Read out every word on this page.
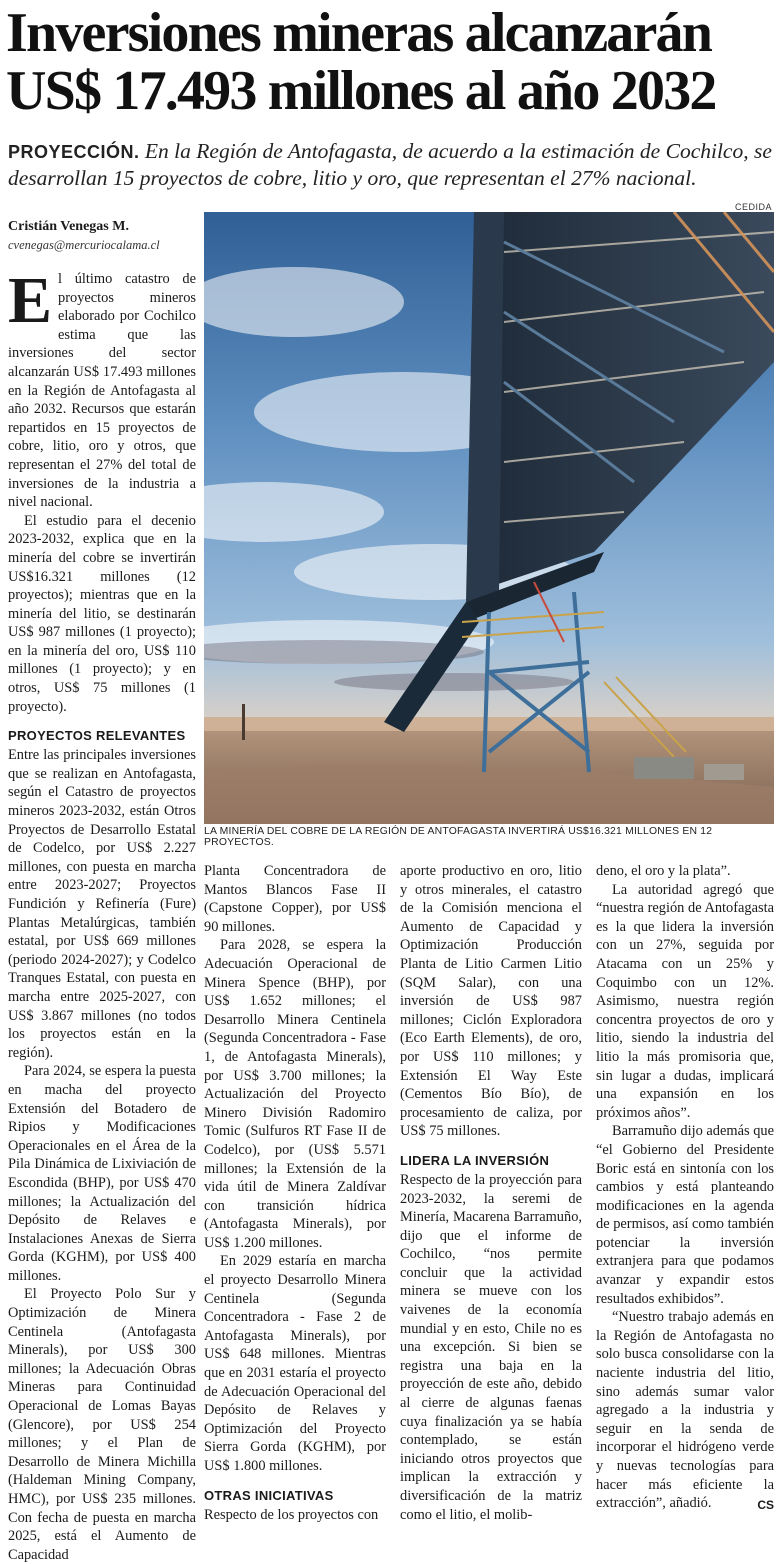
Inversiones mineras alcanzarán US$ 17.493 millones al año 2032

PROYECCIÓN. En la Región de Antofagasta, de acuerdo a la estimación de Cochilco, se desarrollan 15 proyectos de cobre, litio y oro, que representan el 27% nacional.

Cristián Venegas M.
cvenegas@mercuriocalama.cl
CEDIDA
LA MINERÍA DEL COBRE DE LA REGIÓN DE ANTOFAGASTA INVERTIRÁ US$16.321 MILLONES EN 12 PROYECTOS.

El último catastro de proyectos mineros elaborado por Cochilco estima que las inversiones del sector alcanzarán US$ 17.493 millones en la Región de Antofagasta al año 2032. Recursos que estarán repartidos en 15 proyectos de cobre, litio, oro y otros, que representan el 27% del total de inversiones de la industria a nivel nacional.

El estudio para el decenio 2023-2032, explica que en la minería del cobre se invertirán US$16.321 millones (12 proyectos); mientras que en la minería del litio, se destinarán US$ 987 millones (1 proyecto); en la minería del oro, US$ 110 millones (1 proyecto); y en otros, US$ 75 millones (1 proyecto).

PROYECTOS RELEVANTES

Entre las principales inversiones que se realizan en Antofagasta, según el Catastro de proyectos mineros 2023-2032, están Otros Proyectos de Desarrollo Estatal de Codelco, por US$ 2.227 millones, con puesta en marcha entre 2023-2027; Proyectos Fundición y Refinería (Fure) Plantas Metalúrgicas, también estatal, por US$ 669 millones (periodo 2024-2027); y Codelco Tranques Estatal, con puesta en marcha entre 2025-2027, con US$ 3.867 millones (no todos los proyectos están en la región).

Para 2024, se espera la puesta en macha del proyecto Extensión del Botadero de Ripios y Modificaciones Operacionales en el Área de la Pila Dinámica de Lixiviación de Escondida (BHP), por US$ 470 millones; la Actualización del Depósito de Relaves e Instalaciones Anexas de Sierra Gorda (KGHM), por US$ 400 millones.

El Proyecto Polo Sur y Optimización de Minera Centinela (Antofagasta Minerals), por US$ 300 millones; la Adecuación Obras Mineras para Continuidad Operacional de Lomas Bayas (Glencore), por US$ 254 millones; y el Plan de Desarrollo de Minera Michilla (Haldeman Mining Company, HMC), por US$ 235 millones. Con fecha de puesta en marcha 2025, está el Aumento de Capacidad

Planta Concentradora de Mantos Blancos Fase II (Capstone Copper), por US$ 90 millones.

Para 2028, se espera la Adecuación Operacional de Minera Spence (BHP), por US$ 1.652 millones; el Desarrollo Minera Centinela (Segunda Concentradora - Fase 1, de Antofagasta Minerals), por US$ 3.700 millones; la Actualización del Proyecto Minero División Radomiro Tomic (Sulfuros RT Fase II de Codelco), por (US$ 5.571 millones; la Extensión de la vida útil de Minera Zaldívar con transición hídrica (Antofagasta Minerals), por US$ 1.200 millones.

En 2029 estaría en marcha el proyecto Desarrollo Minera Centinela (Segunda Concentradora - Fase 2 de Antofagasta Minerals), por US$ 648 millones. Mientras que en 2031 estaría el proyecto de Adecuación Operacional del Depósito de Relaves y Optimización del Proyecto Sierra Gorda (KGHM), por US$ 1.800 millones.

OTRAS INICIATIVAS

Respecto de los proyectos con

aporte productivo en oro, litio y otros minerales, el catastro de la Comisión menciona el Aumento de Capacidad y Optimización Producción Planta de Litio Carmen Litio (SQM Salar), con una inversión de US$ 987 millones; Ciclón Exploradora (Eco Earth Elements), de oro, por US$ 110 millones; y Extensión El Way Este (Cementos Bío Bío), de procesamiento de caliza, por US$ 75 millones.

LIDERA LA INVERSIÓN

Respecto de la proyección para 2023-2032, la seremi de Minería, Macarena Barramuño, dijo que el informe de Cochilco, “nos permite concluir que la actividad minera se mueve con los vaivenes de la economía mundial y en esto, Chile no es una excepción. Si bien se registra una baja en la proyección de este año, debido al cierre de algunas faenas cuya finalización ya se había contemplado, se están iniciando otros proyectos que implican la extracción y diversificación de la matriz como el litio, el molib-

deno, el oro y la plata”.

La autoridad agregó que “nuestra región de Antofagasta es la que lidera la inversión con un 27%, seguida por Atacama con un 25% y Coquimbo con un 12%. Asimismo, nuestra región concentra proyectos de oro y litio, siendo la industria del litio la más promisoria que, sin lugar a dudas, implicará una expansión en los próximos años”.

Barramuño dijo además que “el Gobierno del Presidente Boric está en sintonía con los cambios y está planteando modificaciones en la agenda de permisos, así como también potenciar la inversión extranjera para que podamos avanzar y expandir estos resultados exhibidos”.

“Nuestro trabajo además en la Región de Antofagasta no solo busca consolidarse con la naciente industria del litio, sino además sumar valor agregado a la industria y seguir en la senda de incorporar el hidrógeno verde y nuevas tecnologías para hacer más eficiente la extracción”, añadió.	CS
